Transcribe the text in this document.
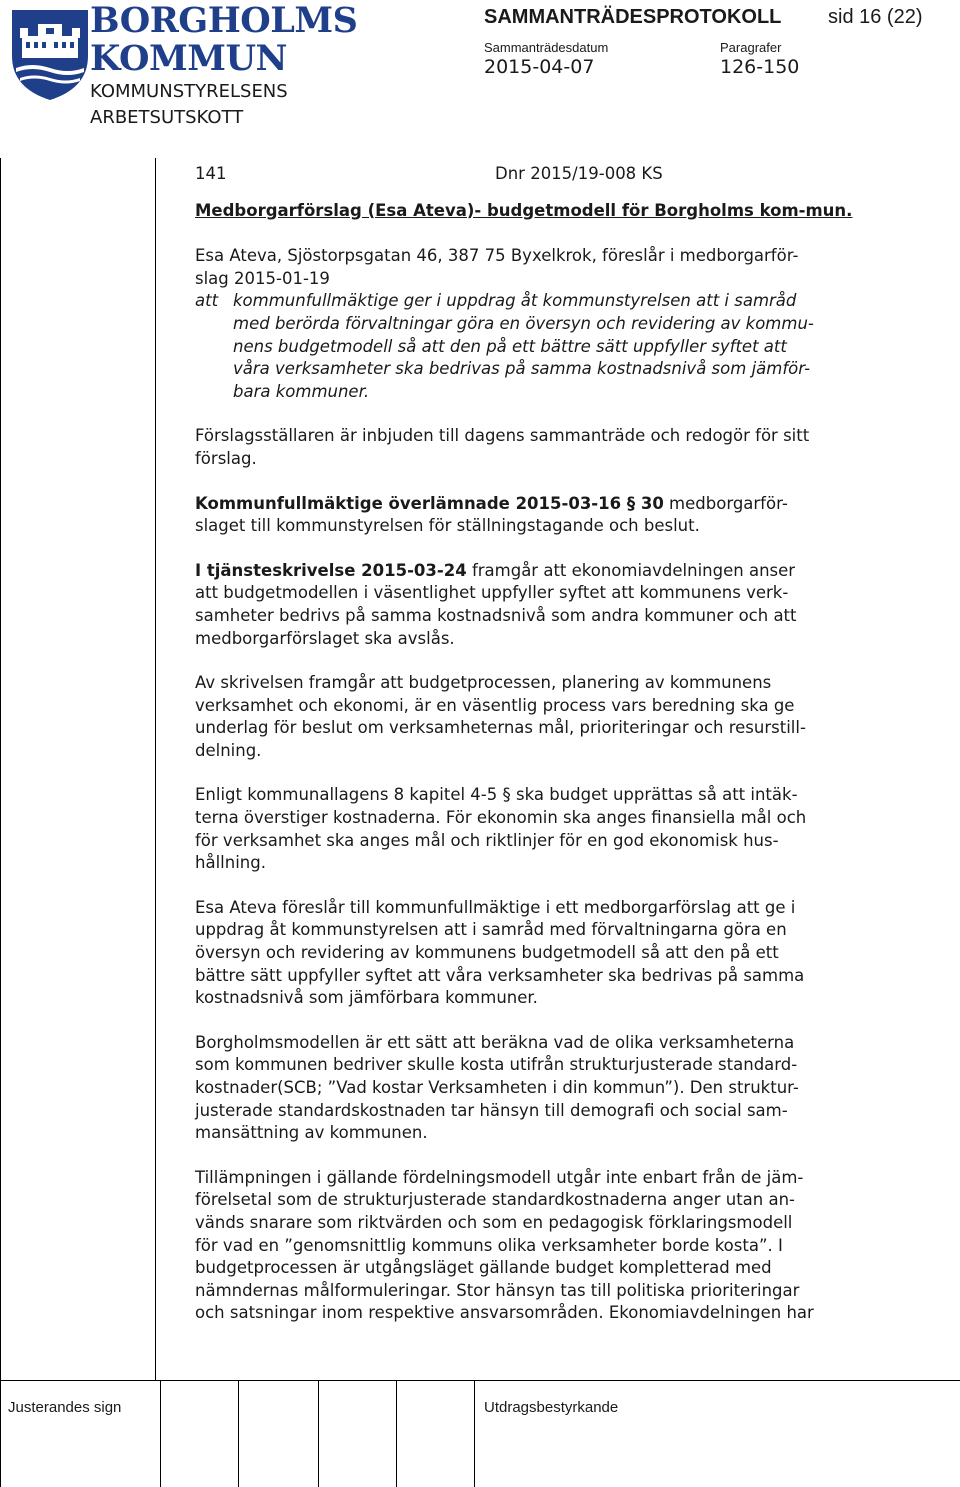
BORGHOLMS
KOMMUN
KOMMUNSTYRELSENS
ARBETSUTSKOTT
SAMMANTRÄDESPROTOKOLL sid 16 (22)
Sammanträdesdatum
2015-04-07
Paragrafer
126-150
141	Dnr 2015/19-008 KS

Medborgarförslag (Esa Ateva)- budgetmodell för Borgholms kom-mun.

Esa Ateva, Sjöstorpsgatan 46, 387 75 Byxelkrok, föreslår i medborgarför-

slag 2015-01-19

att kommunfullmäktige ger i uppdrag åt kommunstyrelsen att i samråd

med berörda förvaltningar göra en översyn och revidering av kommu-

nens budgetmodell så att den på ett bättre sätt uppfyller syftet att

våra verksamheter ska bedrivas på samma kostnadsnivå som jämför-

bara kommuner.

Förslagsställaren är inbjuden till dagens sammanträde och redogör för sitt

förslag.

Kommunfullmäktige överlämnade 2015-03-16 § 30 medborgarför-

slaget till kommunstyrelsen för ställningstagande och beslut.

I tjänsteskrivelse 2015-03-24 framgår att ekonomiavdelningen anser

att budgetmodellen i väsentlighet uppfyller syftet att kommunens verk-

samheter bedrivs på samma kostnadsnivå som andra kommuner och att

medborgarförslaget ska avslås.

Av skrivelsen framgår att budgetprocessen, planering av kommunens

verksamhet och ekonomi, är en väsentlig process vars beredning ska ge

underlag för beslut om verksamheternas mål, prioriteringar och resurstill-

delning.

Enligt kommunallagens 8 kapitel 4-5 § ska budget upprättas så att intäk-

terna överstiger kostnaderna. För ekonomin ska anges finansiella mål och

för verksamhet ska anges mål och riktlinjer för en god ekonomisk hus-

hållning.

Esa Ateva föreslår till kommunfullmäktige i ett medborgarförslag att ge i

uppdrag åt kommunstyrelsen att i samråd med förvaltningarna göra en

översyn och revidering av kommunens budgetmodell så att den på ett

bättre sätt uppfyller syftet att våra verksamheter ska bedrivas på samma

kostnadsnivå som jämförbara kommuner.

Borgholmsmodellen är ett sätt att beräkna vad de olika verksamheterna

som kommunen bedriver skulle kosta utifrån strukturjusterade standard-

kostnader(SCB; ”Vad kostar Verksamheten i din kommun”). Den struktur-

justerade standardskostnaden tar hänsyn till demografi och social sam-

mansättning av kommunen.

Tillämpningen i gällande fördelningsmodell utgår inte enbart från de jäm-

förelsetal som de strukturjusterade standardkostnaderna anger utan an-

vänds snarare som riktvärden och som en pedagogisk förklaringsmodell

för vad en ”genomsnittlig kommuns olika verksamheter borde kosta”. I

budgetprocessen är utgångsläget gällande budget kompletterad med

nämndernas målformuleringar. Stor hänsyn tas till politiska prioriteringar

och satsningar inom respektive ansvarsområden. Ekonomiavdelningen har

Justerandes sign	Utdragsbestyrkande
